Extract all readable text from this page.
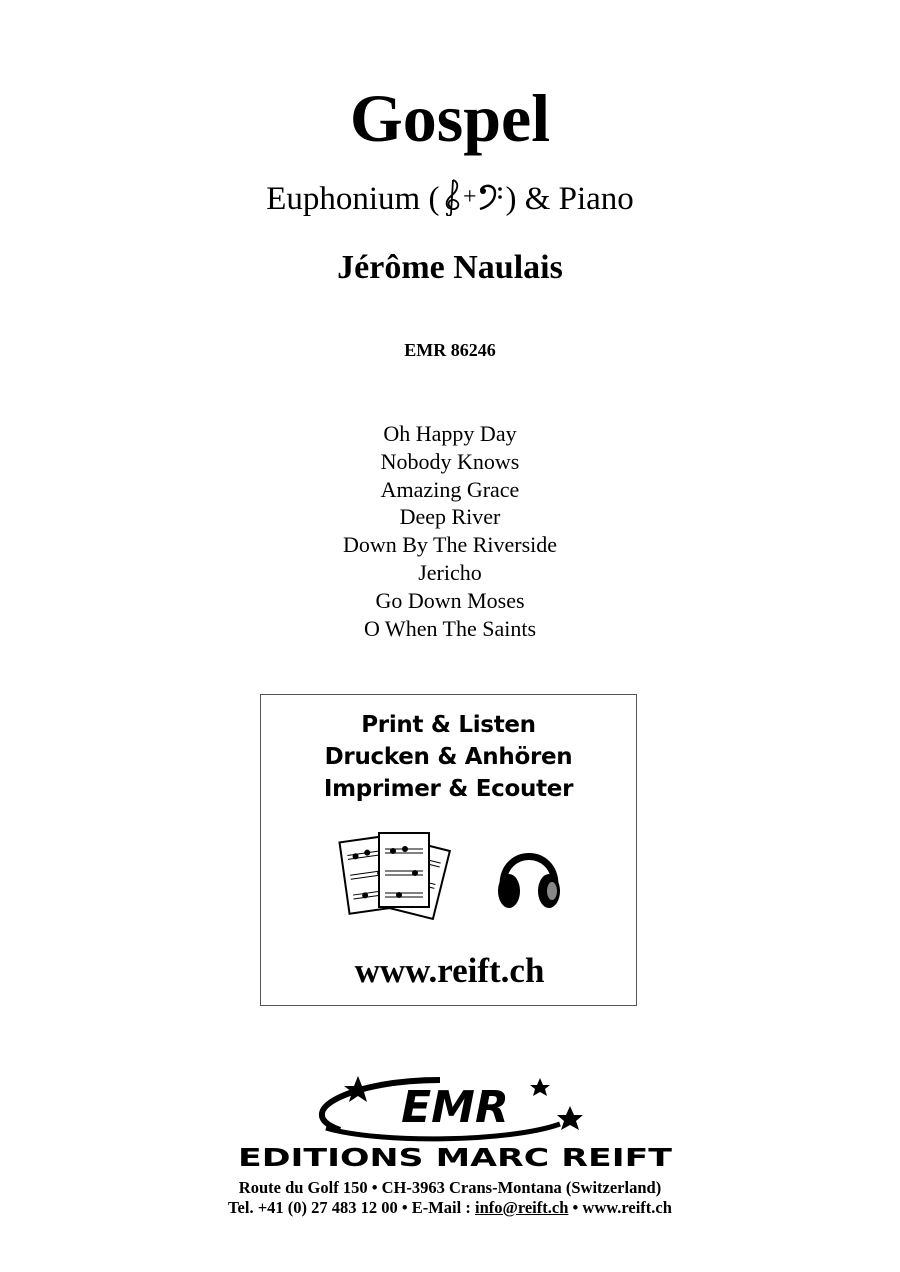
Gospel
Euphonium ( + ) & Piano
Jérôme Naulais
EMR 86246
Oh Happy Day
Nobody Knows
Amazing Grace
Deep River
Down By The Riverside
Jericho
Go Down Moses
O When The Saints
Print & Listen
Drucken & Anhören
Imprimer & Ecouter
www.reift.ch
EMR
EDITIONS MARC REIFT
Route du Golf 150 • CH-3963 Crans-Montana (Switzerland)
Tel. +41 (0) 27 483 12 00 • E-Mail : info@reift.ch • www.reift.ch
